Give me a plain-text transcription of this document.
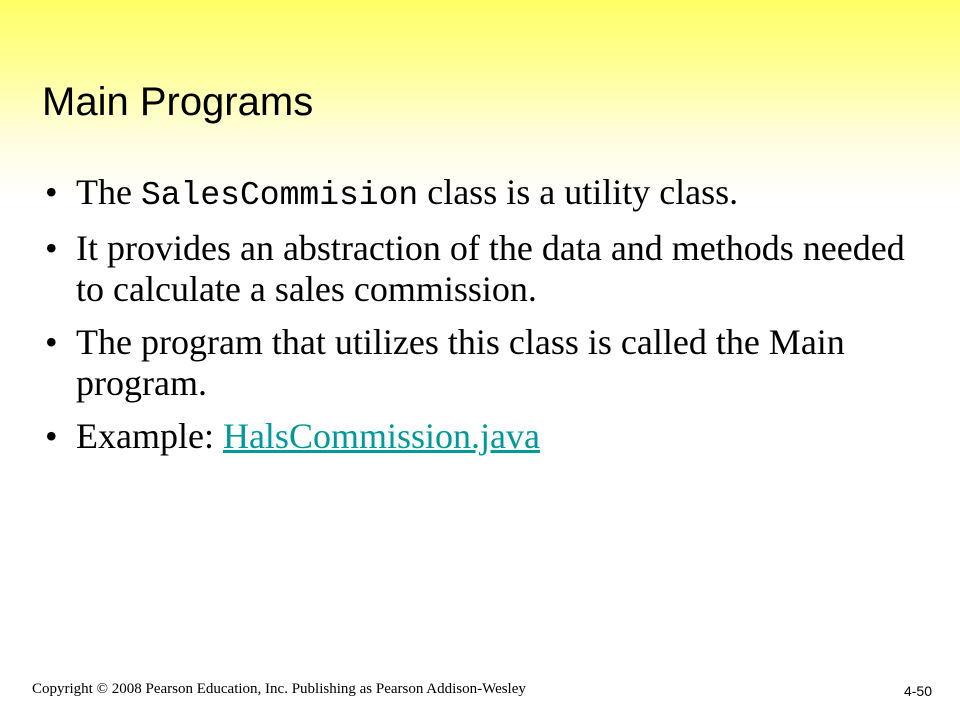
Main Programs
• The SalesCommision class is a utility class.
• It provides an abstraction of the data and methods needed to calculate a sales commission.
• The program that utilizes this class is called the Main program.
• Example: HalsCommission.java
Copyright © 2008 Pearson Education, Inc. Publishing as Pearson Addison-Wesley	4-50
